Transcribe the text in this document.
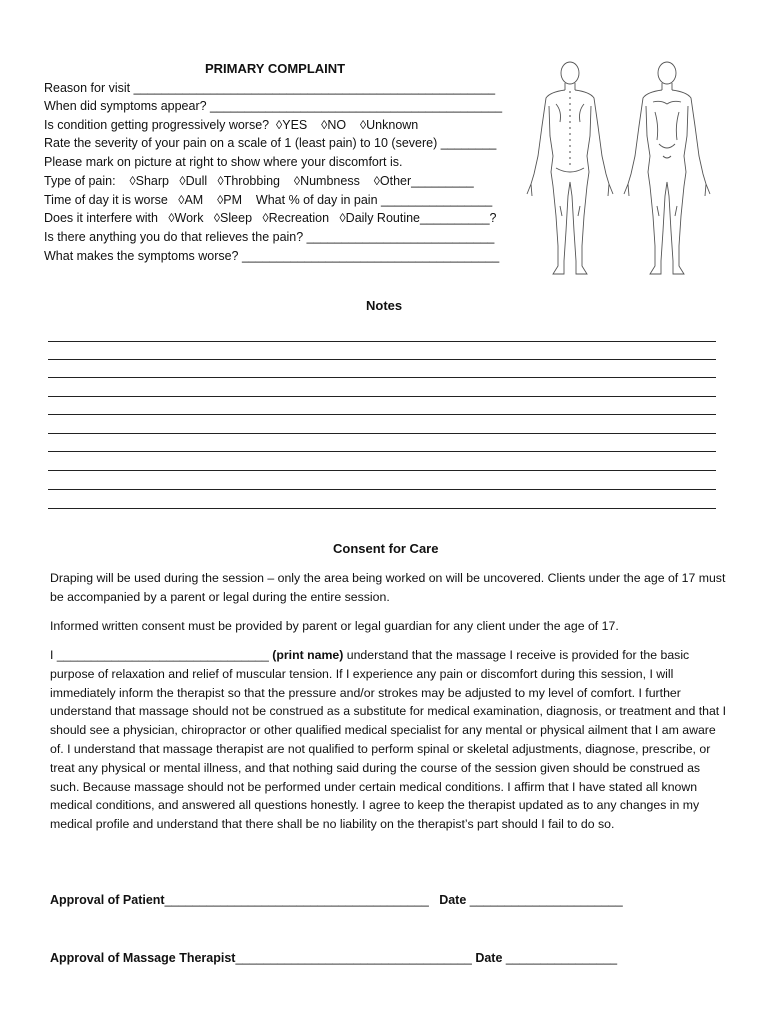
PRIMARY COMPLAINT
Reason for visit ____________________________________________________
When did symptoms appear? __________________________________________
Is condition getting progressively worse?  ◊YES    ◊NO    ◊Unknown
Rate the severity of your pain on a scale of 1 (least pain) to 10 (severe) ________
Please mark on picture at right to show where your discomfort is.
Type of pain:    ◊Sharp   ◊Dull   ◊Throbbing    ◊Numbness    ◊Other_________
Time of day it is worse   ◊AM    ◊PM    What % of day in pain ________________
Does it interfere with   ◊Work   ◊Sleep   ◊Recreation   ◊Daily Routine__________?
Is there anything you do that relieves the pain? ___________________________
What makes the symptoms worse? _____________________________________
Notes
Consent for Care
Draping will be used during the session – only the area being worked on will be uncovered. Clients under the age of 17 must be accompanied by a parent or legal during the entire session.
Informed written consent must be provided by parent or legal guardian for any client under the age of 17.
I _______________________________ (print name) understand that the massage I receive is provided for the basic purpose of relaxation and relief of muscular tension. If I experience any pain or discomfort during this session, I will immediately inform the therapist so that the pressure and/or strokes may be adjusted to my level of comfort. I further understand that massage should not be construed as a substitute for medical examination, diagnosis, or treatment and that I should see a physician, chiropractor or other qualified medical specialist for any mental or physical ailment that I am aware of. I understand that massage therapist are not qualified to perform spinal or skeletal adjustments, diagnose, prescribe, or treat any physical or mental illness, and that nothing said during the course of the session given should be construed as such. Because massage should not be performed under certain medical conditions. I affirm that I have stated all known medical conditions, and answered all questions honestly. I agree to keep the therapist updated as to any changes in my medical profile and understand that there shall be no liability on the therapist’s part should I fail to do so.
Approval of Patient______________________________________ Date ______________________
Approval of Massage Therapist__________________________________ Date ________________
